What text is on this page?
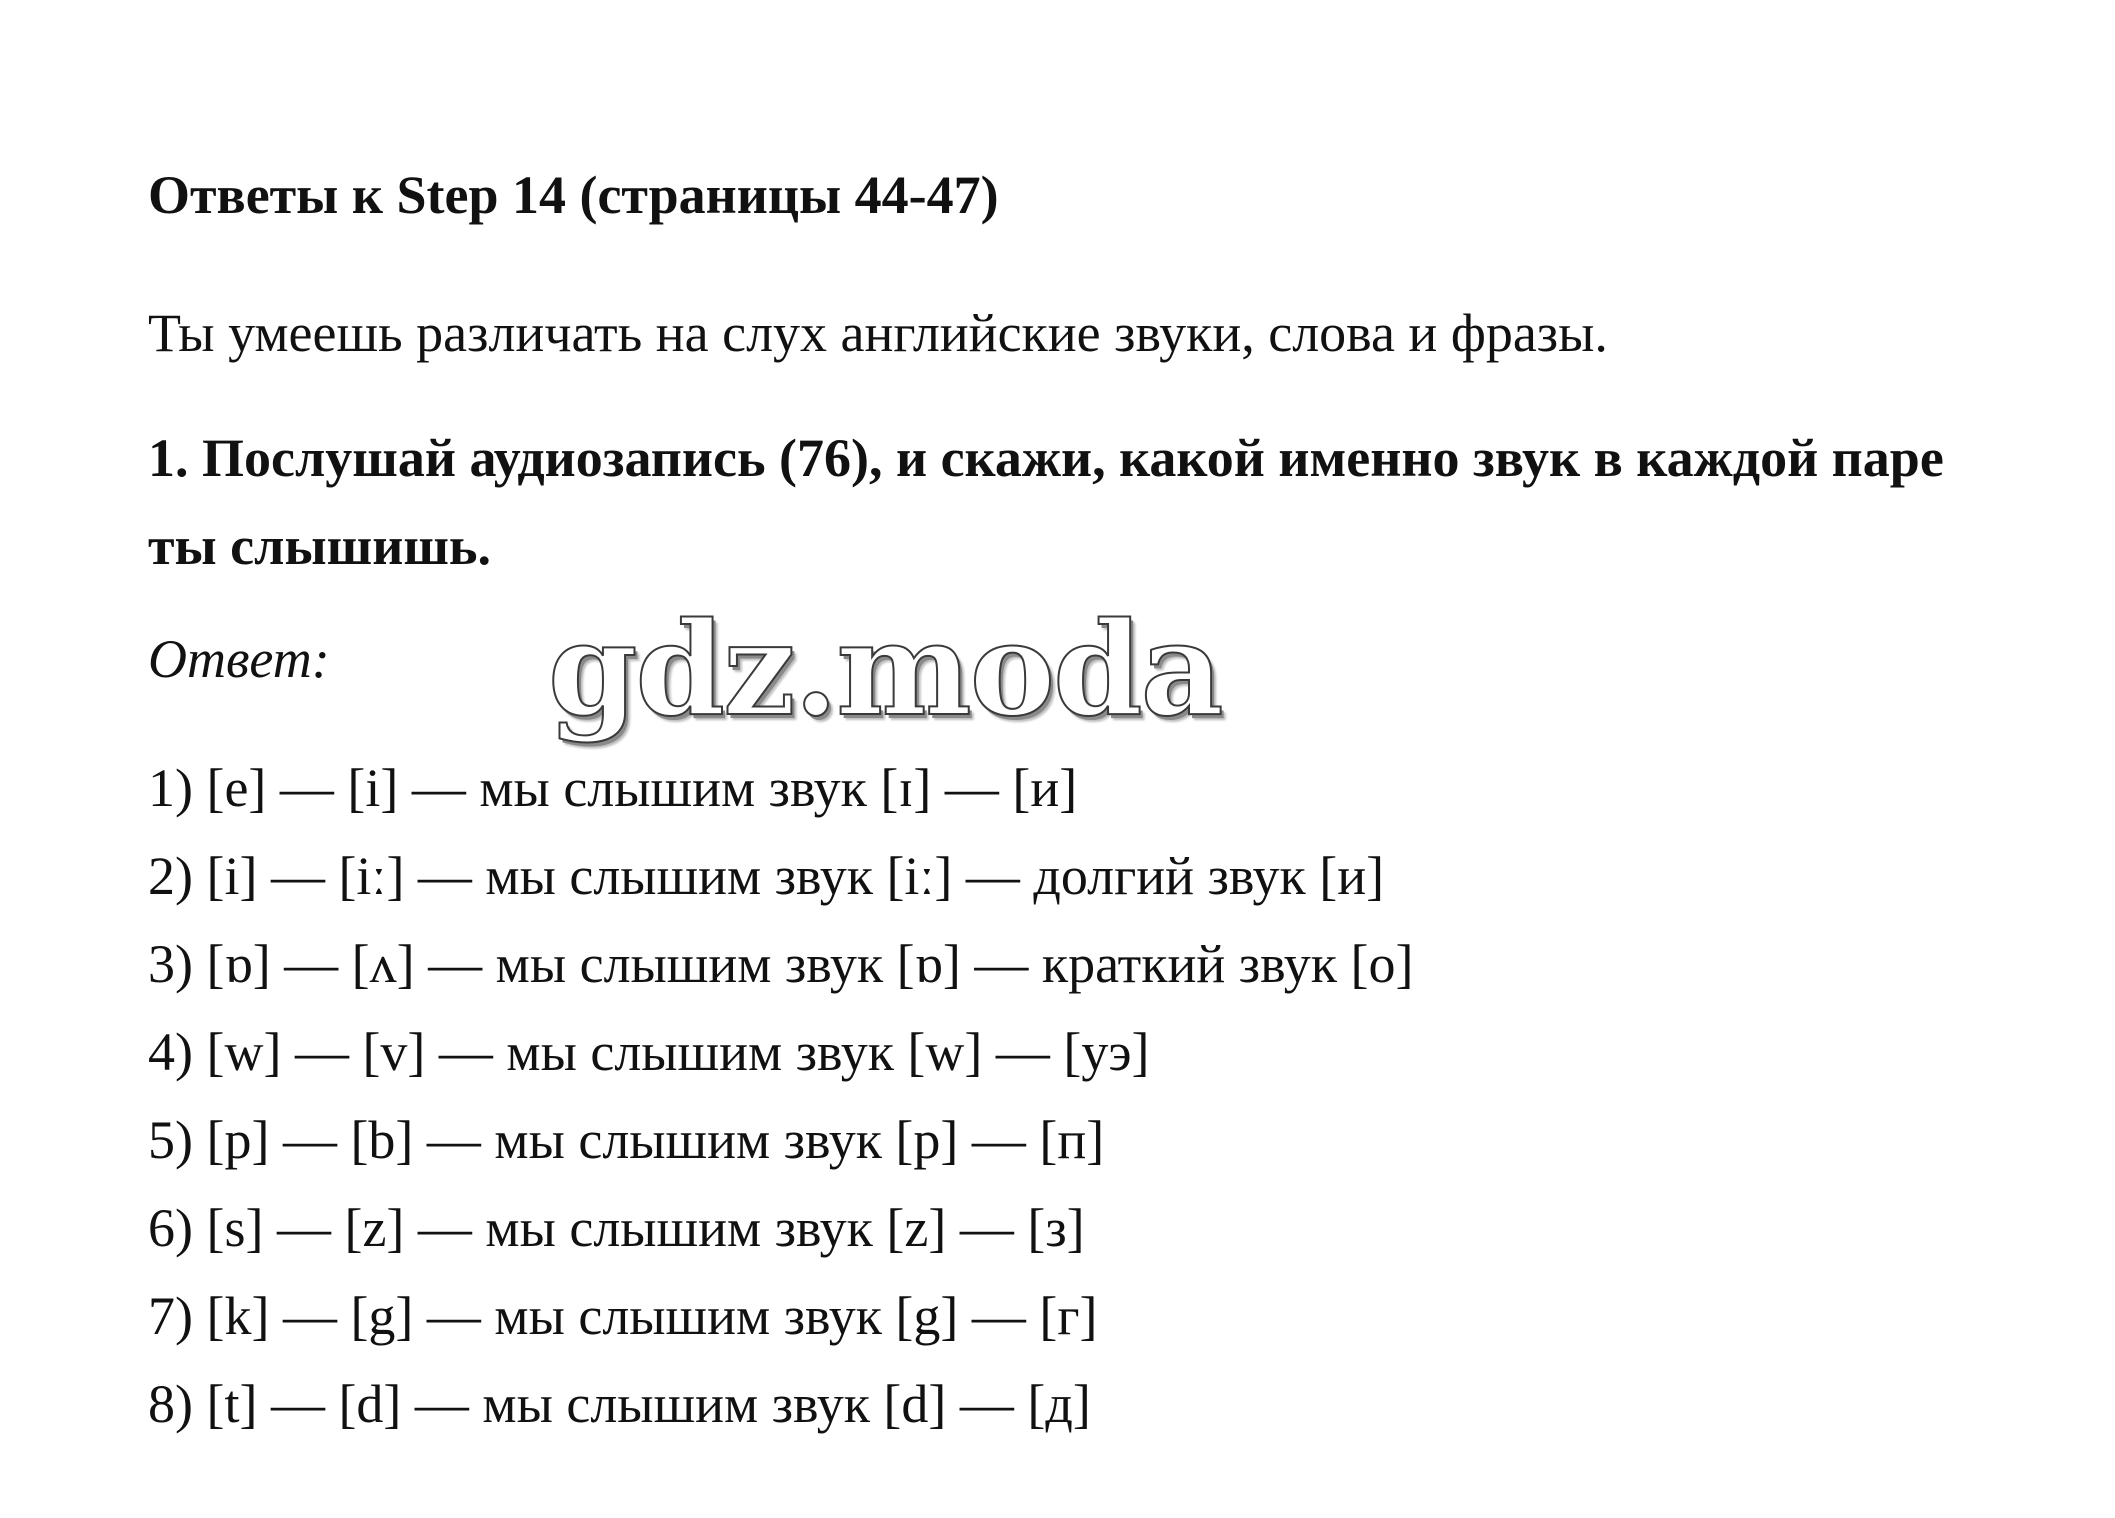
Ответы к Step 14 (страницы 44-47)

Ты умеешь различать на слух английские звуки, слова и фразы.

1. Послушай аудиозапись (76), и скажи, какой именно звук в каждой паре ты слышишь.

Ответ: gdz.moda
1) [e] — [i] — мы слышим звук [ɪ] — [и]
2) [i] — [iː] — мы слышим звук [iː] — долгий звук [и]
3) [ɒ] — [ʌ] — мы слышим звук [ɒ] — краткий звук [о]
4) [w] — [v] — мы слышим звук [w] — [уэ]
5) [p] — [b] — мы слышим звук [p] — [п]
6) [s] — [z] — мы слышим звук [z] — [з]
7) [k] — [g] — мы слышим звук [g] — [г]
8) [t] — [d] — мы слышим звук [d] — [д]
